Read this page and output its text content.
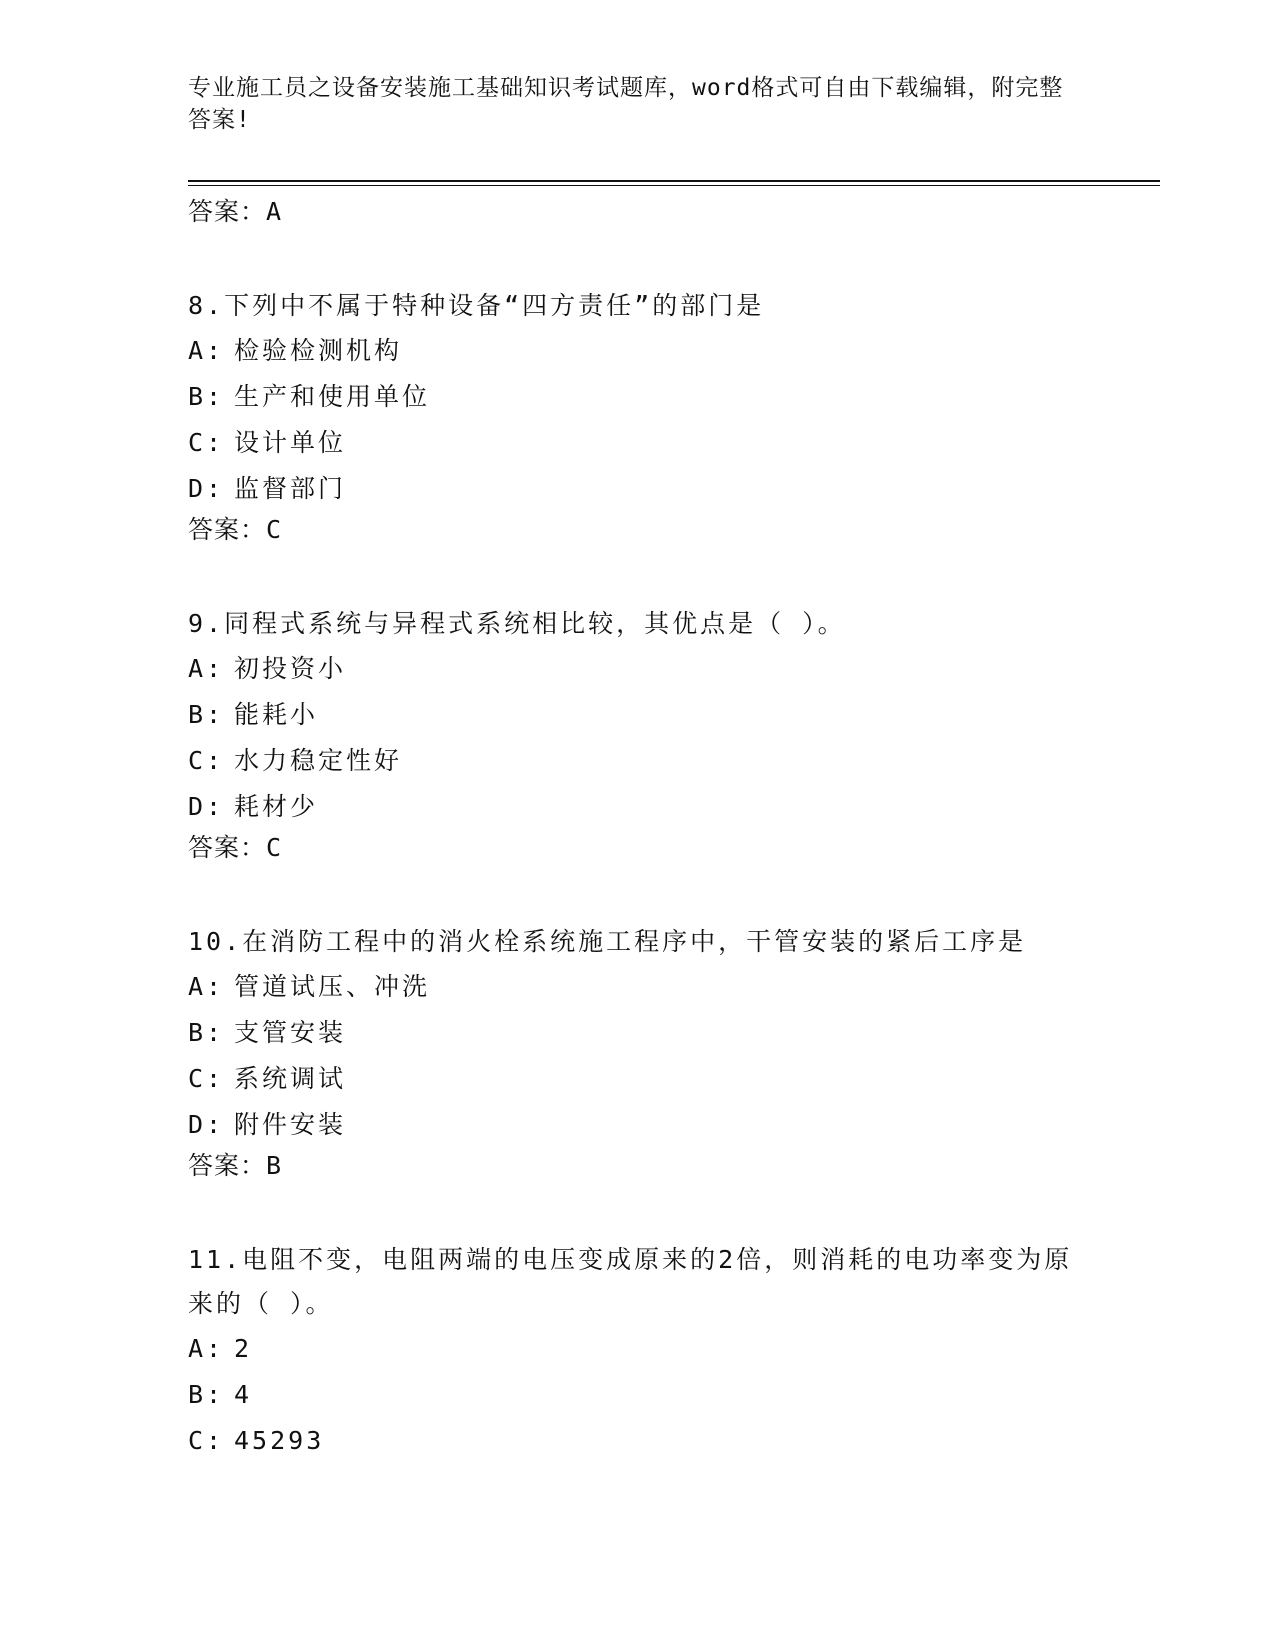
专业施工员之设备安装施工基础知识考试题库，word格式可自由下载编辑，附完整答案!
答案：A
8.下列中不属于特种设备“四方责任”的部门是
A: 检验检测机构
B: 生产和使用单位
C: 设计单位
D: 监督部门
答案：C
9.同程式系统与异程式系统相比较，其优点是（ ）。
A: 初投资小
B: 能耗小
C: 水力稳定性好
D: 耗材少
答案：C
10.在消防工程中的消火栓系统施工程序中，干管安装的紧后工序是
A: 管道试压、冲洗
B: 支管安装
C: 系统调试
D: 附件安装
答案：B
11.电阻不变，电阻两端的电压变成原来的2倍，则消耗的电功率变为原来的（ ）。
A: 2
B: 4
C: 45293
